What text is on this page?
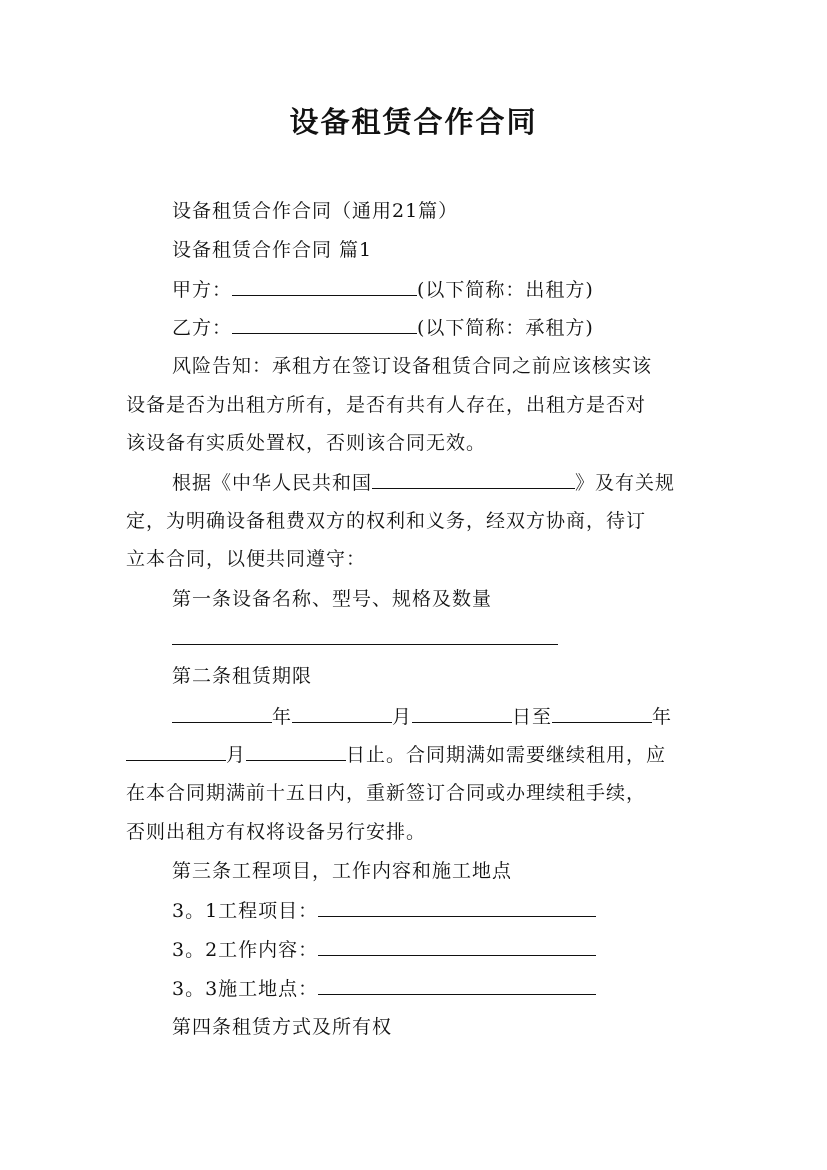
设备租赁合作合同
设备租赁合作合同（通用21篇）
设备租赁合作合同 篇1
甲方：	(以下简称：出租方)
乙方：	(以下简称：承租方)
风险告知：承租方在签订设备租赁合同之前应该核实该
设备是否为出租方所有，是否有共有人存在，出租方是否对
该设备有实质处置权，否则该合同无效。
根据《中华人民共和国	》及有关规
定，为明确设备租费双方的权利和义务，经双方协商，待订
立本合同，以便共同遵守：
第一条设备名称、型号、规格及数量
第二条租赁期限
年	月	日至	年
月	日止。合同期满如需要继续租用，应
在本合同期满前十五日内，重新签订合同或办理续租手续，
否则出租方有权将设备另行安排。
第三条工程项目，工作内容和施工地点
3。1工程项目：
3。2工作内容：
3。3施工地点：
第四条租赁方式及所有权
